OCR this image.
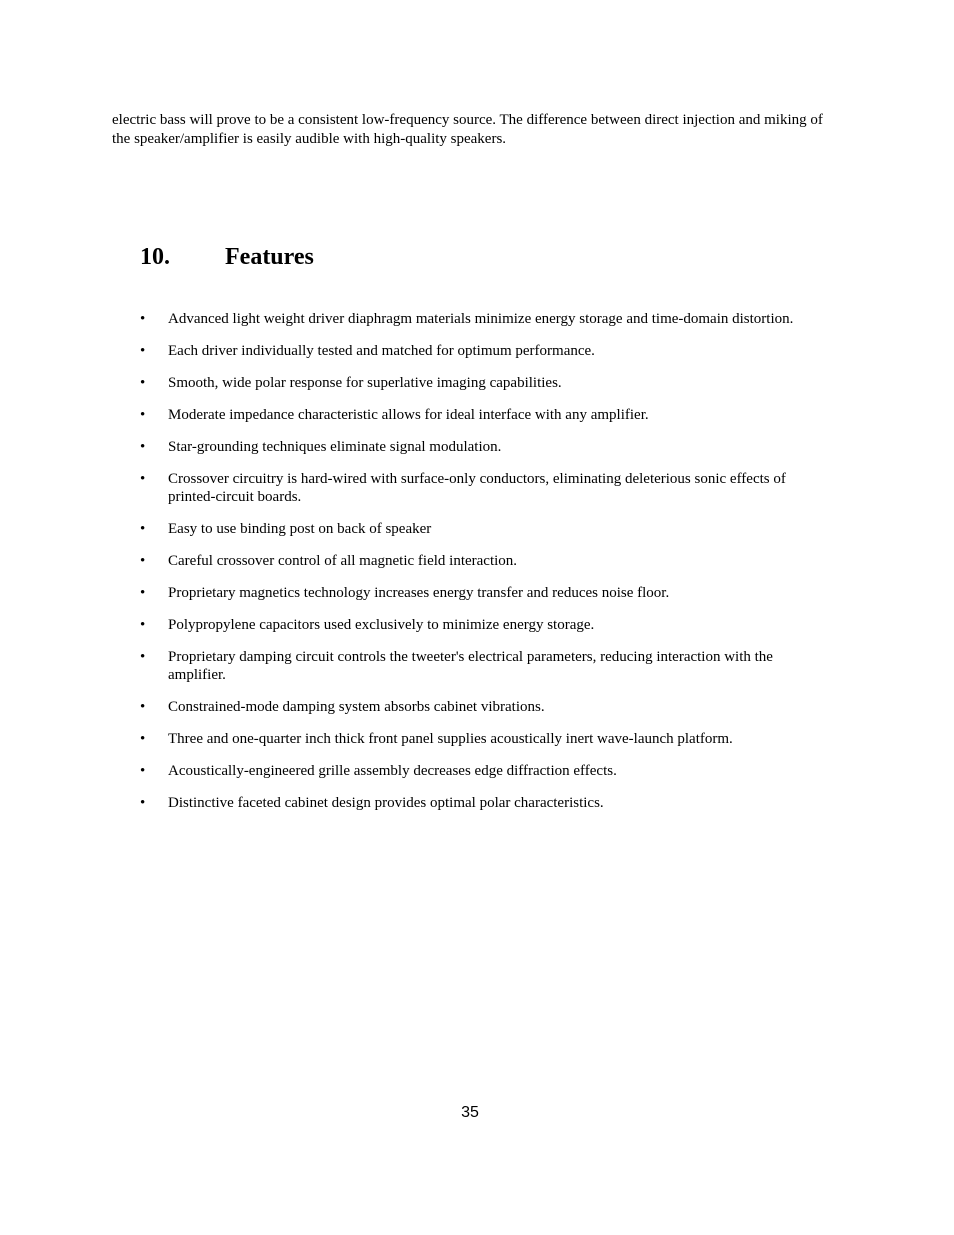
electric bass will prove to be a consistent low-frequency source. The difference between direct injection and miking of the speaker/amplifier is easily audible with high-quality speakers.

10.	Features
•	Advanced light weight driver diaphragm materials minimize energy storage and time-domain distortion.
•	Each driver individually tested and matched for optimum performance.
•	Smooth, wide polar response for superlative imaging capabilities.
•	Moderate impedance characteristic allows for ideal interface with any amplifier.
•	Star-grounding techniques eliminate signal modulation.
•	Crossover circuitry is hard-wired with surface-only conductors, eliminating deleterious sonic effects of printed-circuit boards.
•	Easy to use binding post on back of speaker
•	Careful crossover control of all magnetic field interaction.
•	Proprietary magnetics technology increases energy transfer and reduces noise floor.
•	Polypropylene capacitors used exclusively to minimize energy storage.
•	Proprietary damping circuit controls the tweeter's electrical parameters, reducing interaction with the amplifier.
•	Constrained-mode damping system absorbs cabinet vibrations.
•	Three and one-quarter inch thick front panel supplies acoustically inert wave-launch platform.
•	Acoustically-engineered grille assembly decreases edge diffraction effects.
•	Distinctive faceted cabinet design provides optimal polar characteristics.
35
